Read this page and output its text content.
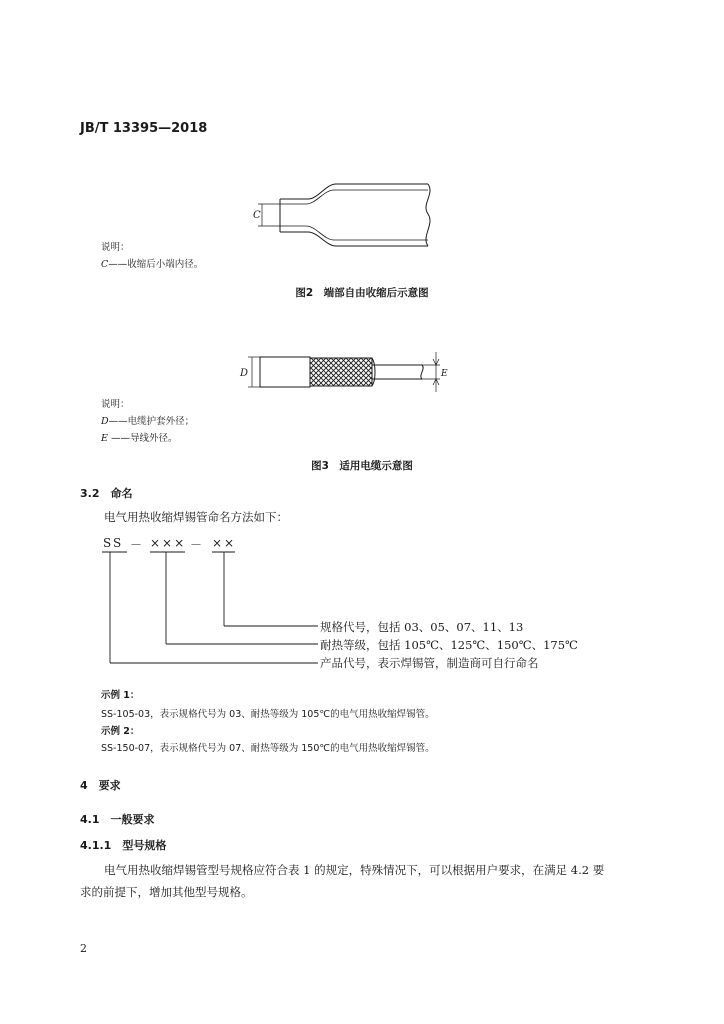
JB/T 13395—2018
C
说明：
C——收缩后小端内径。
图2　端部自由收缩后示意图
D	E
说明：
D——电缆护套外径；
E ——导线外径。
图3　适用电缆示意图
3.2　命名
电气用热收缩焊锡管命名方法如下：
SS － ××× － ××
规格代号，包括 03、05、07、11、13
耐热等级，包括 105℃、125℃、150℃、175℃
产品代号，表示焊锡管，制造商可自行命名
示例 1：
SS-105-03，表示规格代号为 03、耐热等级为 105℃的电气用热收缩焊锡管。
示例 2：
SS-150-07，表示规格代号为 07、耐热等级为 150℃的电气用热收缩焊锡管。
4　要求
4.1　一般要求
4.1.1　型号规格
电气用热收缩焊锡管型号规格应符合表 1 的规定，特殊情况下，可以根据用户要求，在满足 4.2 要
求的前提下，增加其他型号规格。
2
